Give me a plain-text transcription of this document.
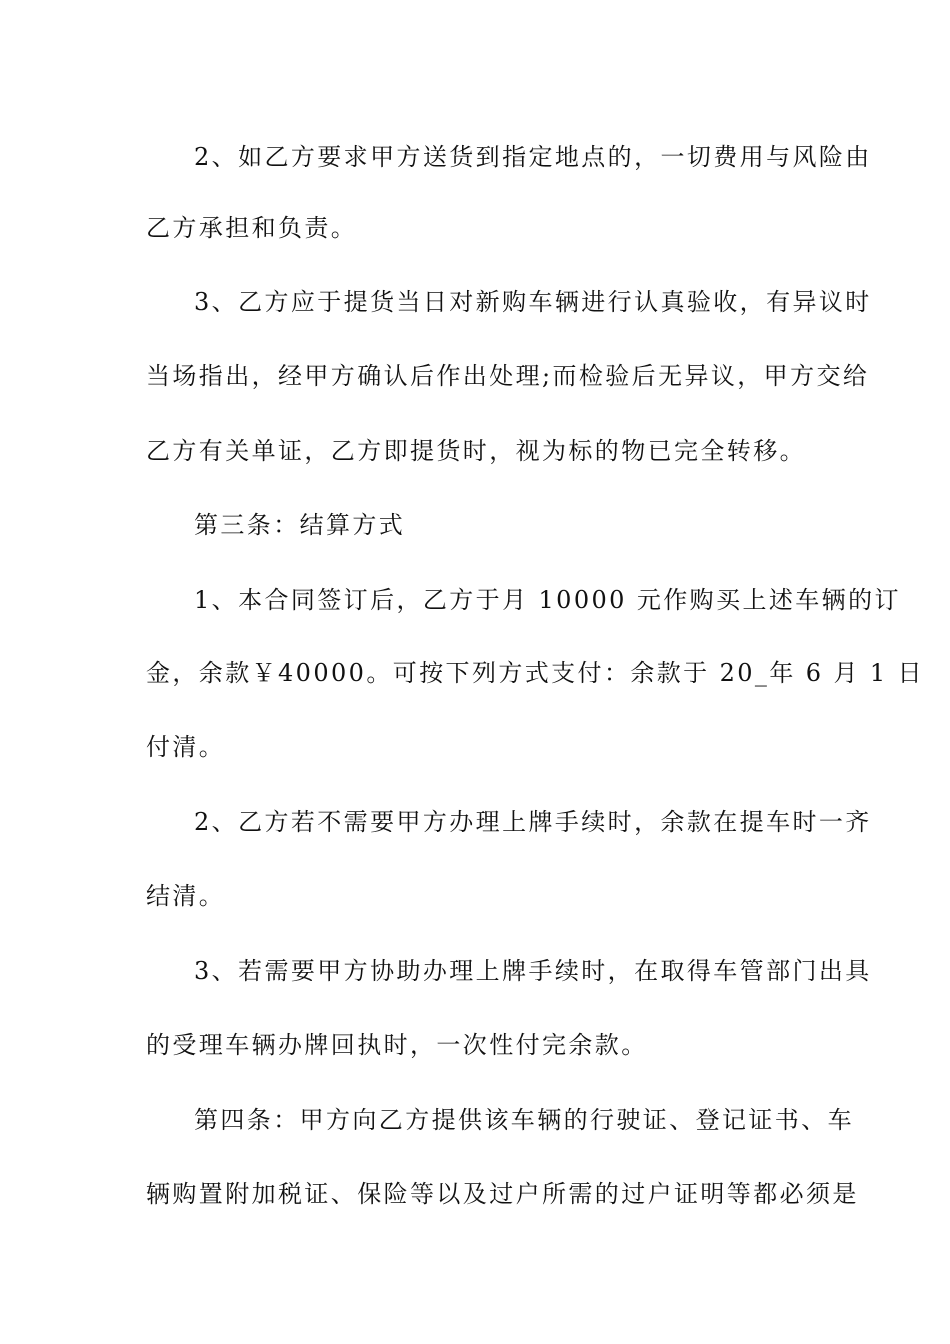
2、如乙方要求甲方送货到指定地点的，一切费用与风险由
乙方承担和负责。
3、乙方应于提货当日对新购车辆进行认真验收，有异议时
当场指出，经甲方确认后作出处理;而检验后无异议，甲方交给
乙方有关单证，乙方即提货时，视为标的物已完全转移。
第三条：结算方式
1、本合同签订后，乙方于月 10000 元作购买上述车辆的订
金，余款￥40000。可按下列方式支付：余款于 20_年 6 月 1 日
付清。
2、乙方若不需要甲方办理上牌手续时，余款在提车时一齐
结清。
3、若需要甲方协助办理上牌手续时，在取得车管部门出具
的受理车辆办牌回执时，一次性付完余款。
第四条：甲方向乙方提供该车辆的行驶证、登记证书、车
辆购置附加税证、保险等以及过户所需的过户证明等都必须是
